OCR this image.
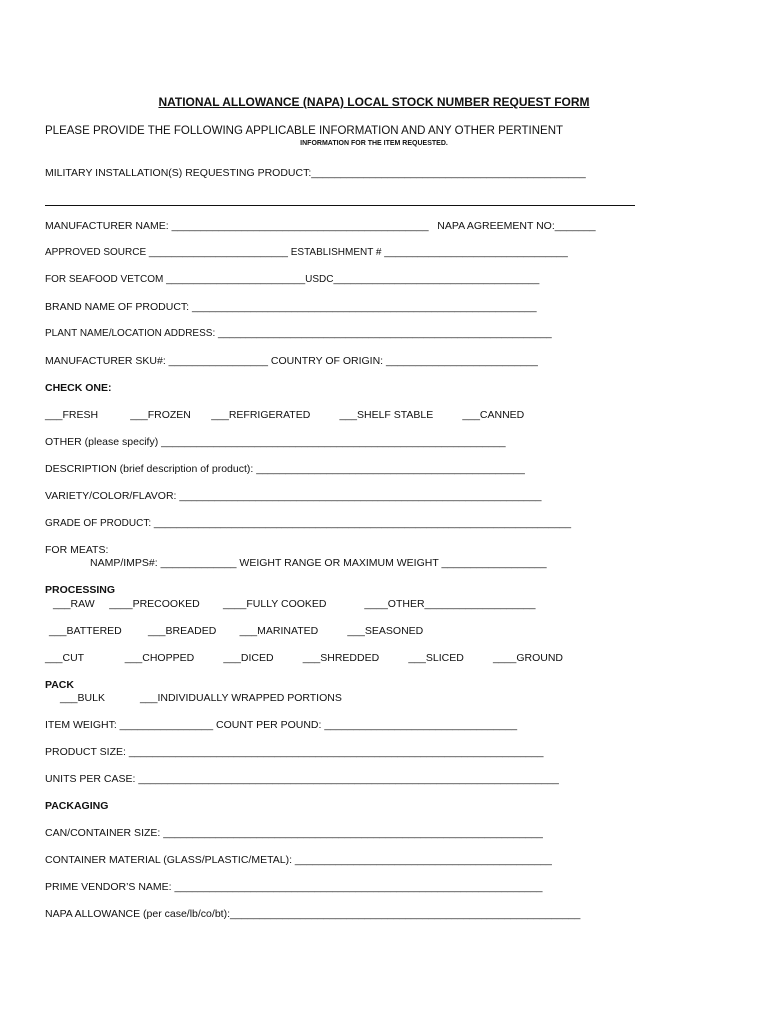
NATIONAL ALLOWANCE (NAPA) LOCAL STOCK NUMBER REQUEST FORM
PLEASE PROVIDE THE FOLLOWING APPLICABLE INFORMATION AND ANY OTHER PERTINENT
INFORMATION FOR THE ITEM REQUESTED.
MILITARY INSTALLATION(S) REQUESTING PRODUCT:_______________________________________________
MANUFACTURER NAME: ____________________________________________   NAPA AGREEMENT NO:_______
APPROVED SOURCE _________________________ ESTABLISHMENT # _________________________________
FOR SEAFOOD VETCOM _________________________USDC_____________________________________
BRAND NAME OF PRODUCT: ___________________________________________________________
PLANT NAME/LOCATION ADDRESS: ____________________________________________________________
MANUFACTURER SKU#: _________________ COUNTRY OF ORIGIN: __________________________
CHECK ONE:
___FRESH           ___FROZEN       ___REFRIGERATED          ___SHELF STABLE          ___CANNED
OTHER (please specify) ___________________________________________________________
DESCRIPTION (brief description of product): ______________________________________________
VARIETY/COLOR/FLAVOR: ______________________________________________________________
GRADE OF PRODUCT: ___________________________________________________________________________
FOR MEATS:
NAMP/IMPS#: _____________ WEIGHT RANGE OR MAXIMUM WEIGHT __________________
PROCESSING
___RAW     ____PRECOOKED        ____FULLY COOKED             ____OTHER___________________
___BATTERED         ___BREADED        ___MARINATED          ___SEASONED
___CUT              ___CHOPPED          ___DICED          ___SHREDDED          ___SLICED          ____GROUND
PACK
___BULK            ___INDIVIDUALLY WRAPPED PORTIONS
ITEM WEIGHT: ________________ COUNT PER POUND: _________________________________
PRODUCT SIZE: _______________________________________________________________________
UNITS PER CASE: ________________________________________________________________________
PACKAGING
CAN/CONTAINER SIZE: _________________________________________________________________
CONTAINER MATERIAL (GLASS/PLASTIC/METAL): ____________________________________________
PRIME VENDOR’S NAME: _______________________________________________________________
NAPA ALLOWANCE (per case/lb/co/bt):____________________________________________________________
